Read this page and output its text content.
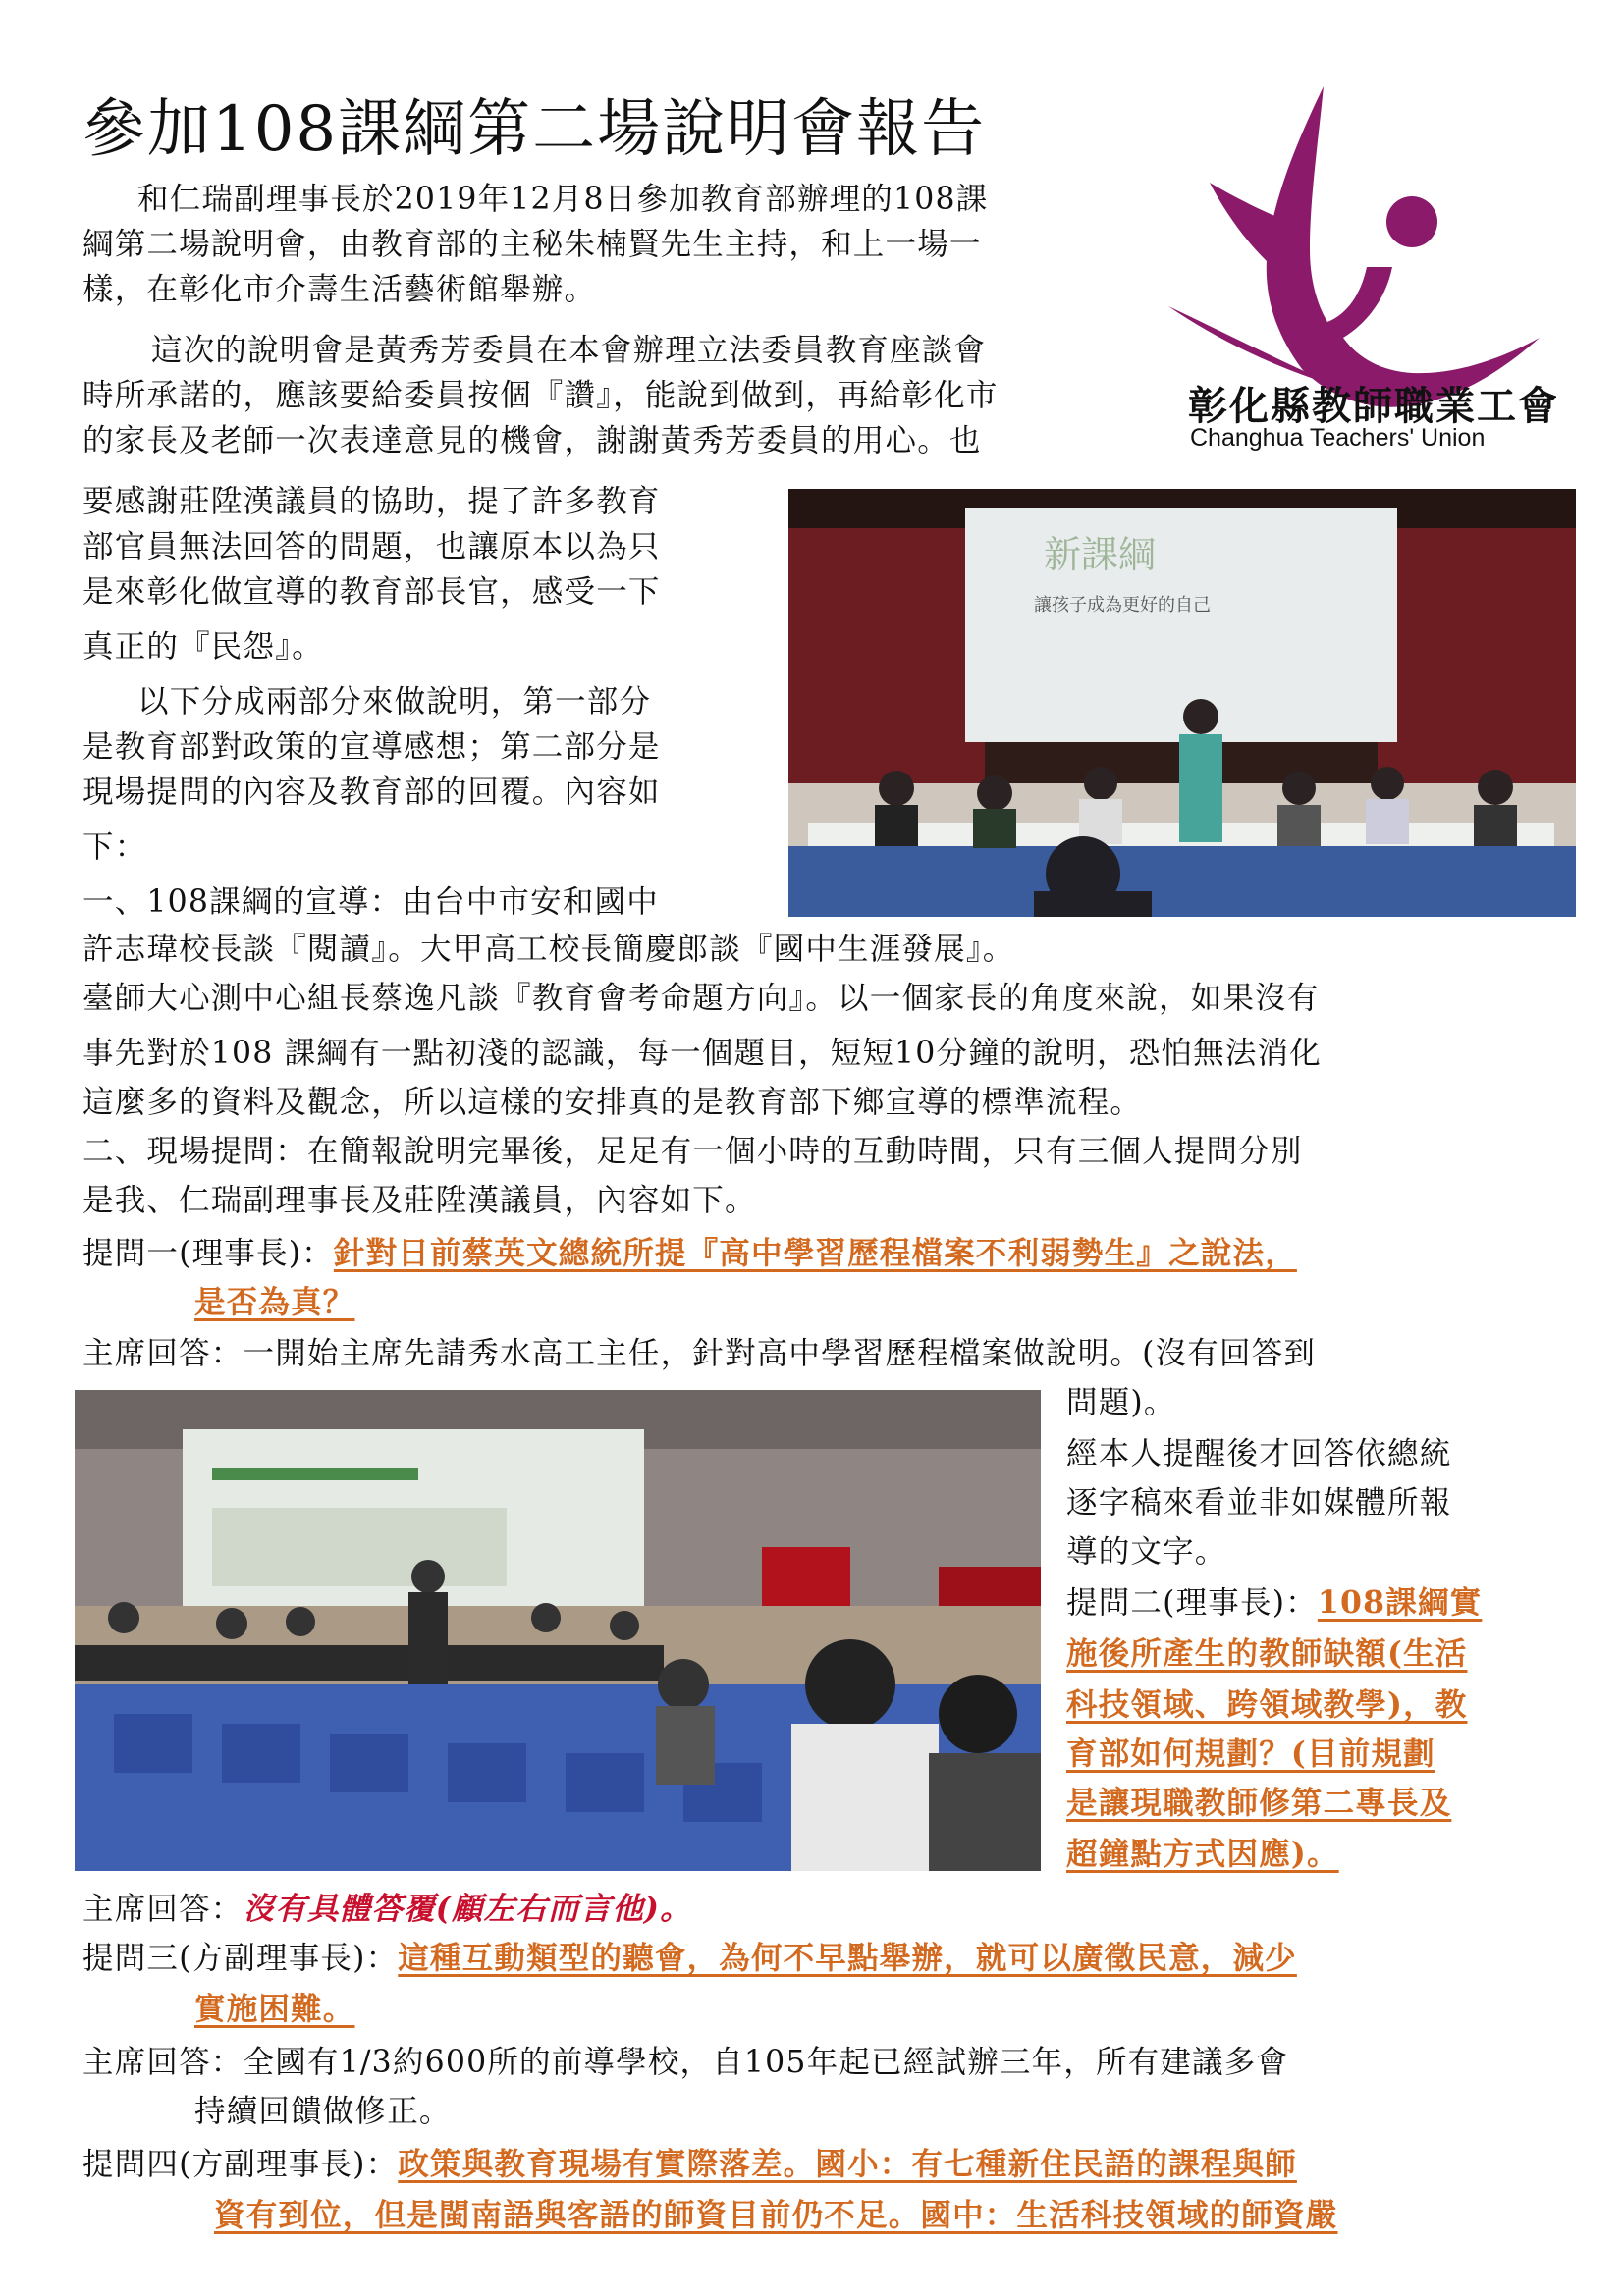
參加108課綱第二場說明會報告
彰化縣教師職業工會
Changhua Teachers' Union
新課綱
讓孩子成為更好的自己
和仁瑞副理事長於2019年12月8日參加教育部辦理的108課
綱第二場說明會，由教育部的主秘朱楠賢先生主持，和上一場一
樣，在彰化市介壽生活藝術館舉辦。
這次的說明會是黃秀芳委員在本會辦理立法委員教育座談會
時所承諾的，應該要給委員按個『讚』，能說到做到，再給彰化市
的家長及老師一次表達意見的機會，謝謝黃秀芳委員的用心。也
要感謝莊陞漢議員的協助，提了許多教育
部官員無法回答的問題，也讓原本以為只
是來彰化做宣導的教育部長官，感受一下
真正的『民怨』。
以下分成兩部分來做說明，第一部分
是教育部對政策的宣導感想；第二部分是
現場提問的內容及教育部的回覆。內容如
下：
一、108課綱的宣導：由台中市安和國中
許志瑋校長談『閱讀』。大甲高工校長簡慶郎談『國中生涯發展』。
臺師大心測中心組長蔡逸凡談『教育會考命題方向』。以一個家長的角度來說，如果沒有
事先對於108 課綱有一點初淺的認識，每一個題目，短短10分鐘的說明，恐怕無法消化
這麼多的資料及觀念，所以這樣的安排真的是教育部下鄉宣導的標準流程。
二、現場提問：在簡報說明完畢後，足足有一個小時的互動時間，只有三個人提問分別
是我、仁瑞副理事長及莊陞漢議員，內容如下。
提問一(理事長)：針對日前蔡英文總統所提『高中學習歷程檔案不利弱勢生』之說法，
是否為真？
主席回答：一開始主席先請秀水高工主任，針對高中學習歷程檔案做說明。(沒有回答到
問題)。
經本人提醒後才回答依總統
逐字稿來看並非如媒體所報
導的文字。
提問二(理事長)：108課綱實
施後所產生的教師缺額(生活
科技領域、跨領域教學)，教
育部如何規劃？(目前規劃
是讓現職教師修第二專長及
超鐘點方式因應)。
主席回答：沒有具體答覆(顧左右而言他)。
提問三(方副理事長)：這種互動類型的聽會，為何不早點舉辦，就可以廣徵民意，減少
實施困難。
主席回答：全國有1/3約600所的前導學校，自105年起已經試辦三年，所有建議多會
持續回饋做修正。
提問四(方副理事長)：政策與教育現場有實際落差。國小：有七種新住民語的課程與師
資有到位，但是閩南語與客語的師資目前仍不足。國中：生活科技領域的師資嚴
